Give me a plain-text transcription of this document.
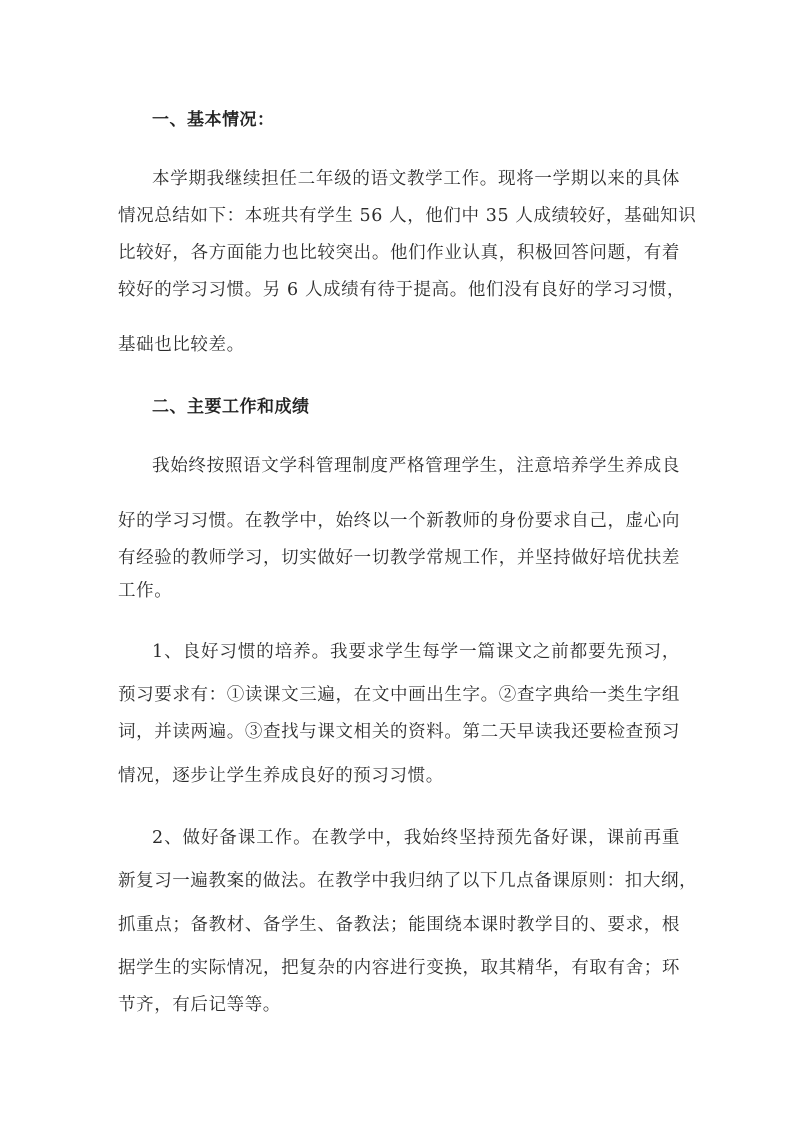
一、基本情况：
本学期我继续担任二年级的语文教学工作。现将一学期以来的具体
情况总结如下：本班共有学生 56 人，他们中 35 人成绩较好，基础知识
比较好，各方面能力也比较突出。他们作业认真，积极回答问题，有着
较好的学习习惯。另 6 人成绩有待于提高。他们没有良好的学习习惯，
基础也比较差。
二、主要工作和成绩
我始终按照语文学科管理制度严格管理学生，注意培养学生养成良
好的学习习惯。在教学中，始终以一个新教师的身份要求自己，虚心向
有经验的教师学习，切实做好一切教学常规工作，并坚持做好培优扶差
工作。
1、良好习惯的培养。我要求学生每学一篇课文之前都要先预习，
预习要求有：①读课文三遍，在文中画出生字。②查字典给一类生字组
词，并读两遍。③查找与课文相关的资料。第二天早读我还要检查预习
情况，逐步让学生养成良好的预习习惯。
2、做好备课工作。在教学中，我始终坚持预先备好课，课前再重
新复习一遍教案的做法。在教学中我归纳了以下几点备课原则：扣大纲，
抓重点；备教材、备学生、备教法；能围绕本课时教学目的、要求，根
据学生的实际情况，把复杂的内容进行变换，取其精华，有取有舍；环
节齐，有后记等等。
